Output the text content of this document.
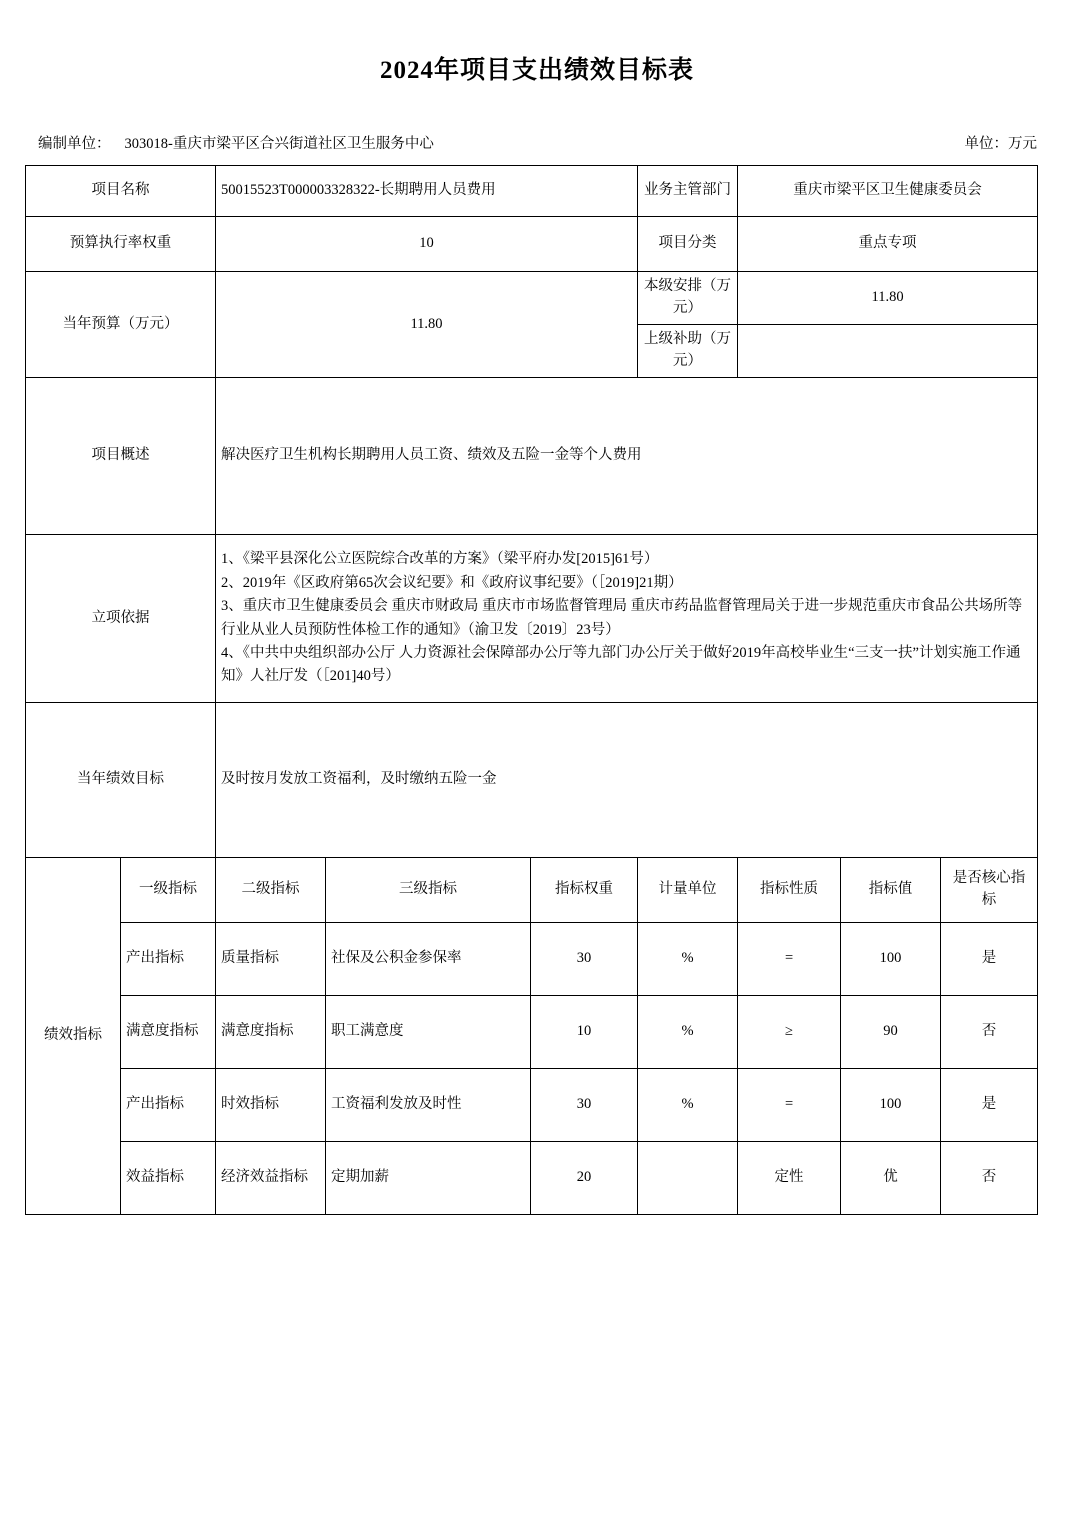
2024年项目支出绩效目标表
编制单位： 303018-重庆市梁平区合兴街道社区卫生服务中心	单位：万元
项目名称		50015523T000003328322-长期聘用人员费用			业务主管部门	重庆市梁平区卫生健康委员会		
预算执行率权重		10			项目分类	重点专项		
当年预算（万元）		11.80			本级安排（万元）	11.80		
					上级补助（万元）			
项目概述		解决医疗卫生机构长期聘用人员工资、绩效及五险一金等个人费用						
立项依据		1、《梁平县深化公立医院综合改革的方案》（梁平府办发[2015]61号）
2、2019年《区政府第65次会议纪要》和《政府议事纪要》（［2019]21期）
3、重庆市卫生健康委员会 重庆市财政局 重庆市市场监督管理局 重庆市药品监督管理局关于进一步规范重庆市食品公共场所等行业从业人员预防性体检工作的通知》（渝卫发〔2019〕23号）
4、《中共中央组织部办公厅 人力资源社会保障部办公厅等九部门办公厅关于做好2019年高校毕业生“三支一扶”计划实施工作通知》人社厅发（［201]40号）						

当年绩效目标		及时按月发放工资福利，及时缴纳五险一金						
绩效指标	一级指标	二级指标	三级指标	指标权重	计量单位	指标性质	指标值	是否核心指标
	产出指标	质量指标	社保及公积金参保率	30	%	=	100	是
	满意度指标	满意度指标	职工满意度	10	%	≥	90	否
	产出指标	时效指标	工资福利发放及时性	30	%	=	100	是
	效益指标	经济效益指标	定期加薪	20		定性	优	否
